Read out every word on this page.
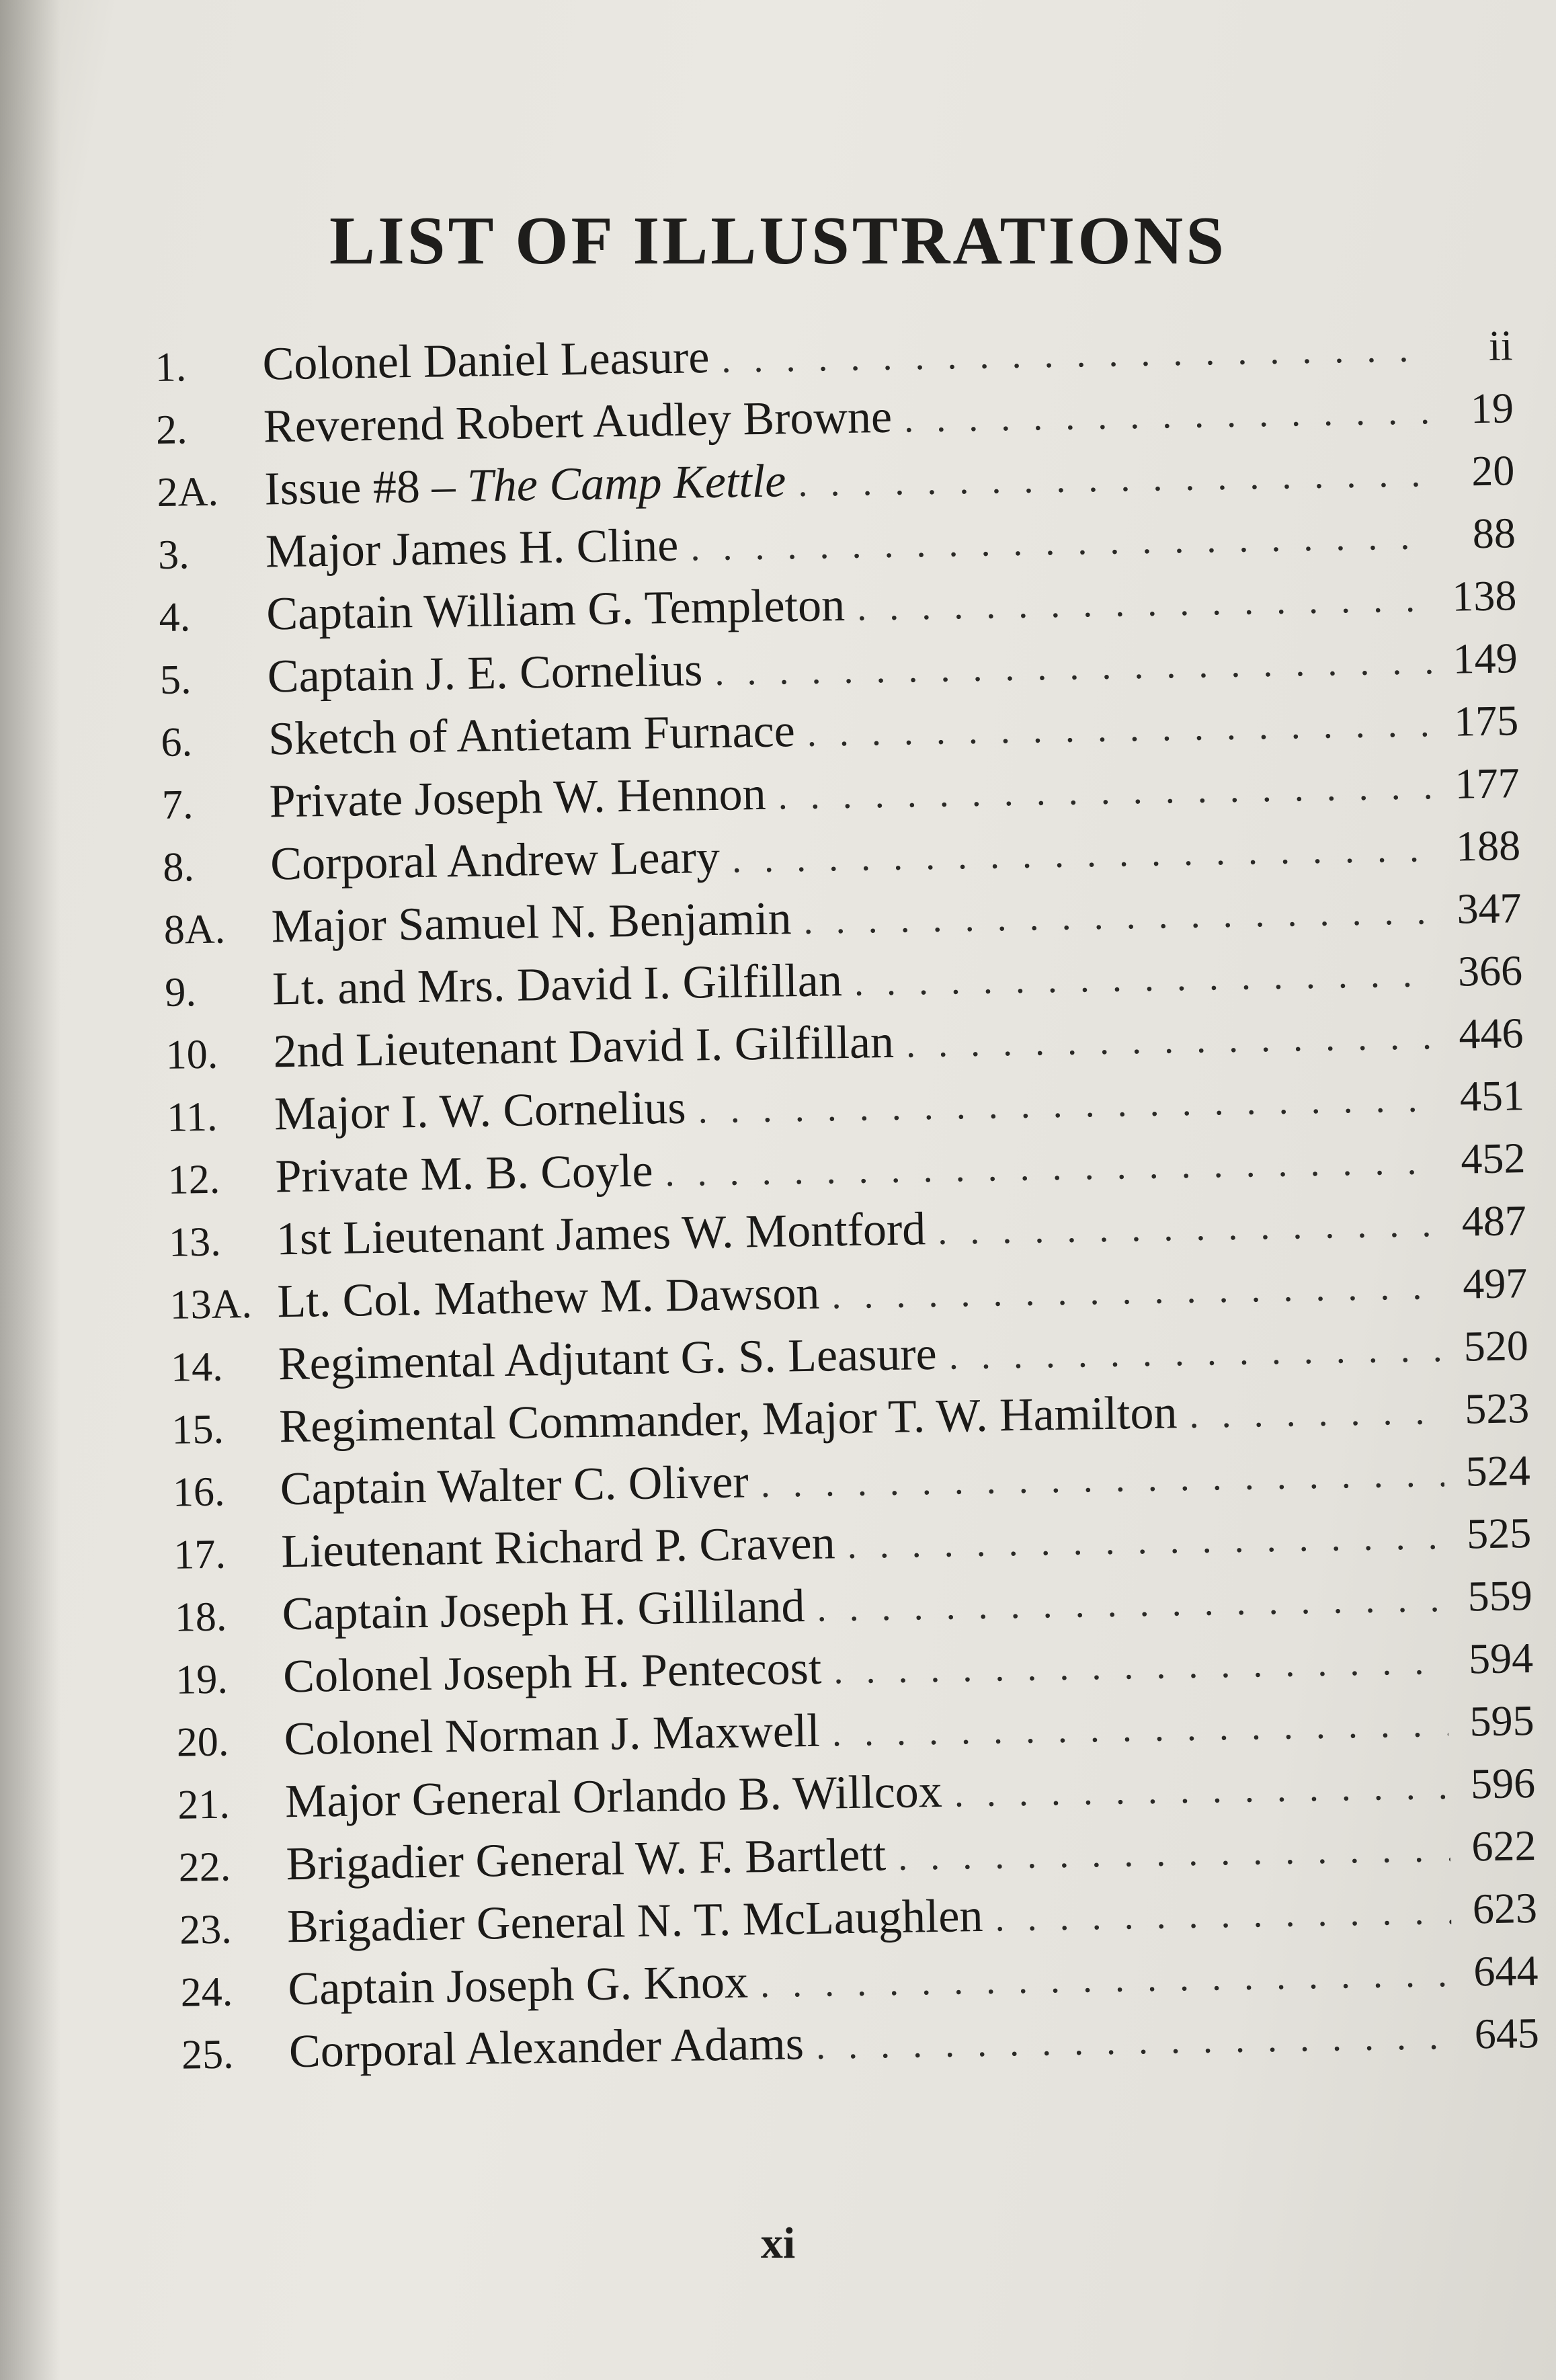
LIST OF ILLUSTRATIONS
1.	Colonel Daniel Leasure . . .	ii
2.	Reverend Robert Audley Browne . . .	19
2A. Issue #8 – The Camp Kettle . . .	20
3.	Major James H. Cline . . .	88
4.	Captain William G. Templeton . . .	138
5.	Captain J. E. Cornelius . . .	149
6.	Sketch of Antietam Furnace . . .	175
7.	Private Joseph W. Hennon . . .	177
8.	Corporal Andrew Leary . . .	188
8A. Major Samuel N. Benjamin . . .	347
9.	Lt. and Mrs. David I. Gilfillan . . .	366
10.	2nd Lieutenant David I. Gilfillan . . .	446
11.	Major I. W. Cornelius . . .	451
12.	Private M. B. Coyle . . .	452
13.	1st Lieutenant James W. Montford . . .	487
13A. Lt. Col. Mathew M. Dawson . . .	497
14.	Regimental Adjutant G. S. Leasure . . .	520
15.	Regimental Commander, Major T. W. Hamilton . . .	523
16.	Captain Walter C. Oliver . . .	524
17.	Lieutenant Richard P. Craven . . .	525
18.	Captain Joseph H. Gilliland . . .	559
19.	Colonel Joseph H. Pentecost . . .	594
20.	Colonel Norman J. Maxwell . . .	595
21.	Major General Orlando B. Willcox . . .	596
22.	Brigadier General W. F. Bartlett . . .	622
23.	Brigadier General N. T. McLaughlen . . .	623
24.	Captain Joseph G. Knox . . .	644
25.	Corporal Alexander Adams . . .	645
xi
